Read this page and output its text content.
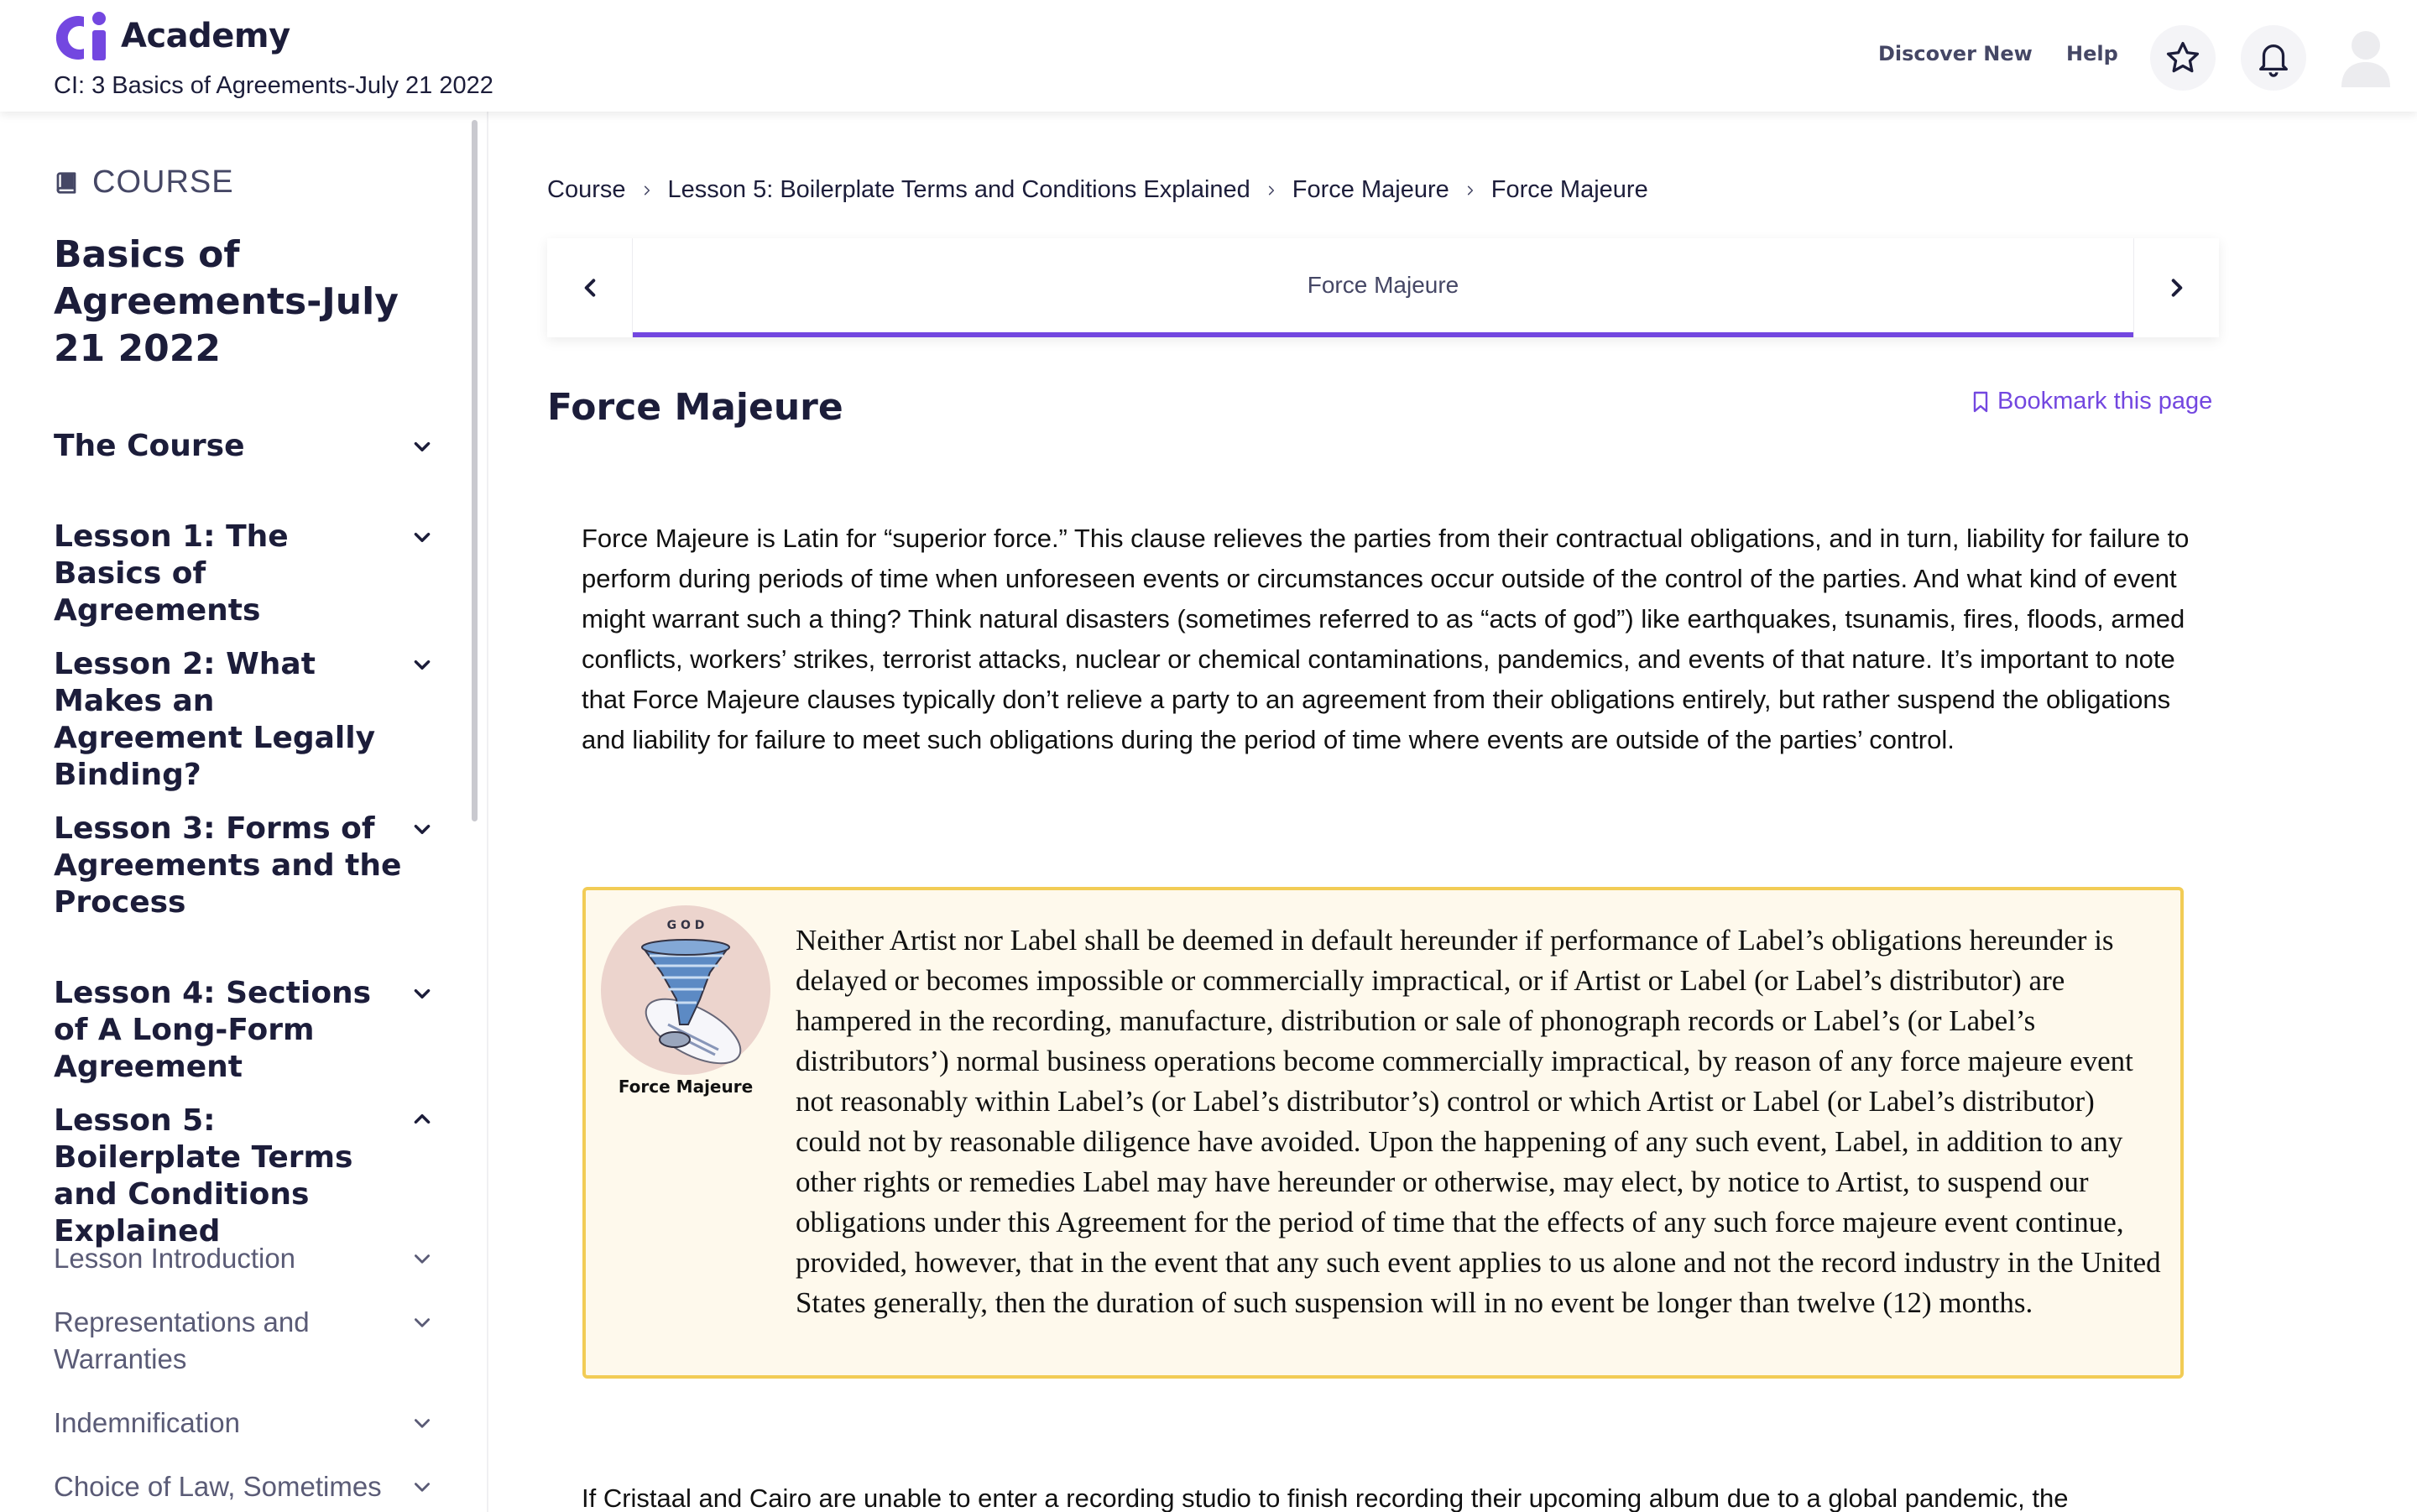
Academy
CI: 3 Basics of Agreements-July 21 2022
Discover New Help
COURSE
Basics of Agreements-July 21 2022
The Course
Lesson 1: The Basics of Agreements
Lesson 2: What Makes an Agreement Legally Binding?
Lesson 3: Forms of Agreements and the Process
Lesson 4: Sections of A Long-Form Agreement
Lesson 5: Boilerplate Terms and Conditions Explained
Lesson Introduction
Representations and Warranties
Indemnification
Choice of Law, Sometimes
Course Lesson 5: Boilerplate Terms and Conditions Explained Force Majeure Force Majeure
Force Majeure
Force Majeure	Bookmark this page

Force Majeure is Latin for “superior force.” This clause relieves the parties from their contractual obligations, and in turn, liability for failure to perform during periods of time when unforeseen events or circumstances occur outside of the control of the parties. And what kind of event might warrant such a thing? Think natural disasters (sometimes referred to as “acts of god”) like earthquakes, tsunamis, fires, floods, armed conflicts, workers’ strikes, terrorist attacks, nuclear or chemical contaminations, pandemics, and events of that nature. It’s important to note that Force Majeure clauses typically don’t relieve a party to an agreement from their obligations entirely, but rather suspend the obligations and liability for failure to meet such obligations during the period of time where events are outside of the parties’ control.

G O D
Force Majeure

Neither Artist nor Label shall be deemed in default hereunder if performance of Label’s obligations hereunder is delayed or becomes impossible or commercially impractical, or if Artist or Label (or Label’s distributor) are hampered in the recording, manufacture, distribution or sale of phonograph records or Label’s (or Label’s distributors’) normal business operations become commercially impractical, by reason of any force majeure event not reasonably within Label’s (or Label’s distributor’s) control or which Artist or Label (or Label’s distributor) could not by reasonable diligence have avoided. Upon the happening of any such event, Label, in addition to any other rights or remedies Label may have hereunder or otherwise, may elect, by notice to Artist, to suspend our obligations under this Agreement for the period of time that the effects of any such force majeure event continue, provided, however, that in the event that any such event applies to us alone and not the record industry in the United States generally, then the duration of such suspension will in no event be longer than twelve (12) months.

If Cristaal and Cairo are unable to enter a recording studio to finish recording their upcoming album due to a global pandemic, the
